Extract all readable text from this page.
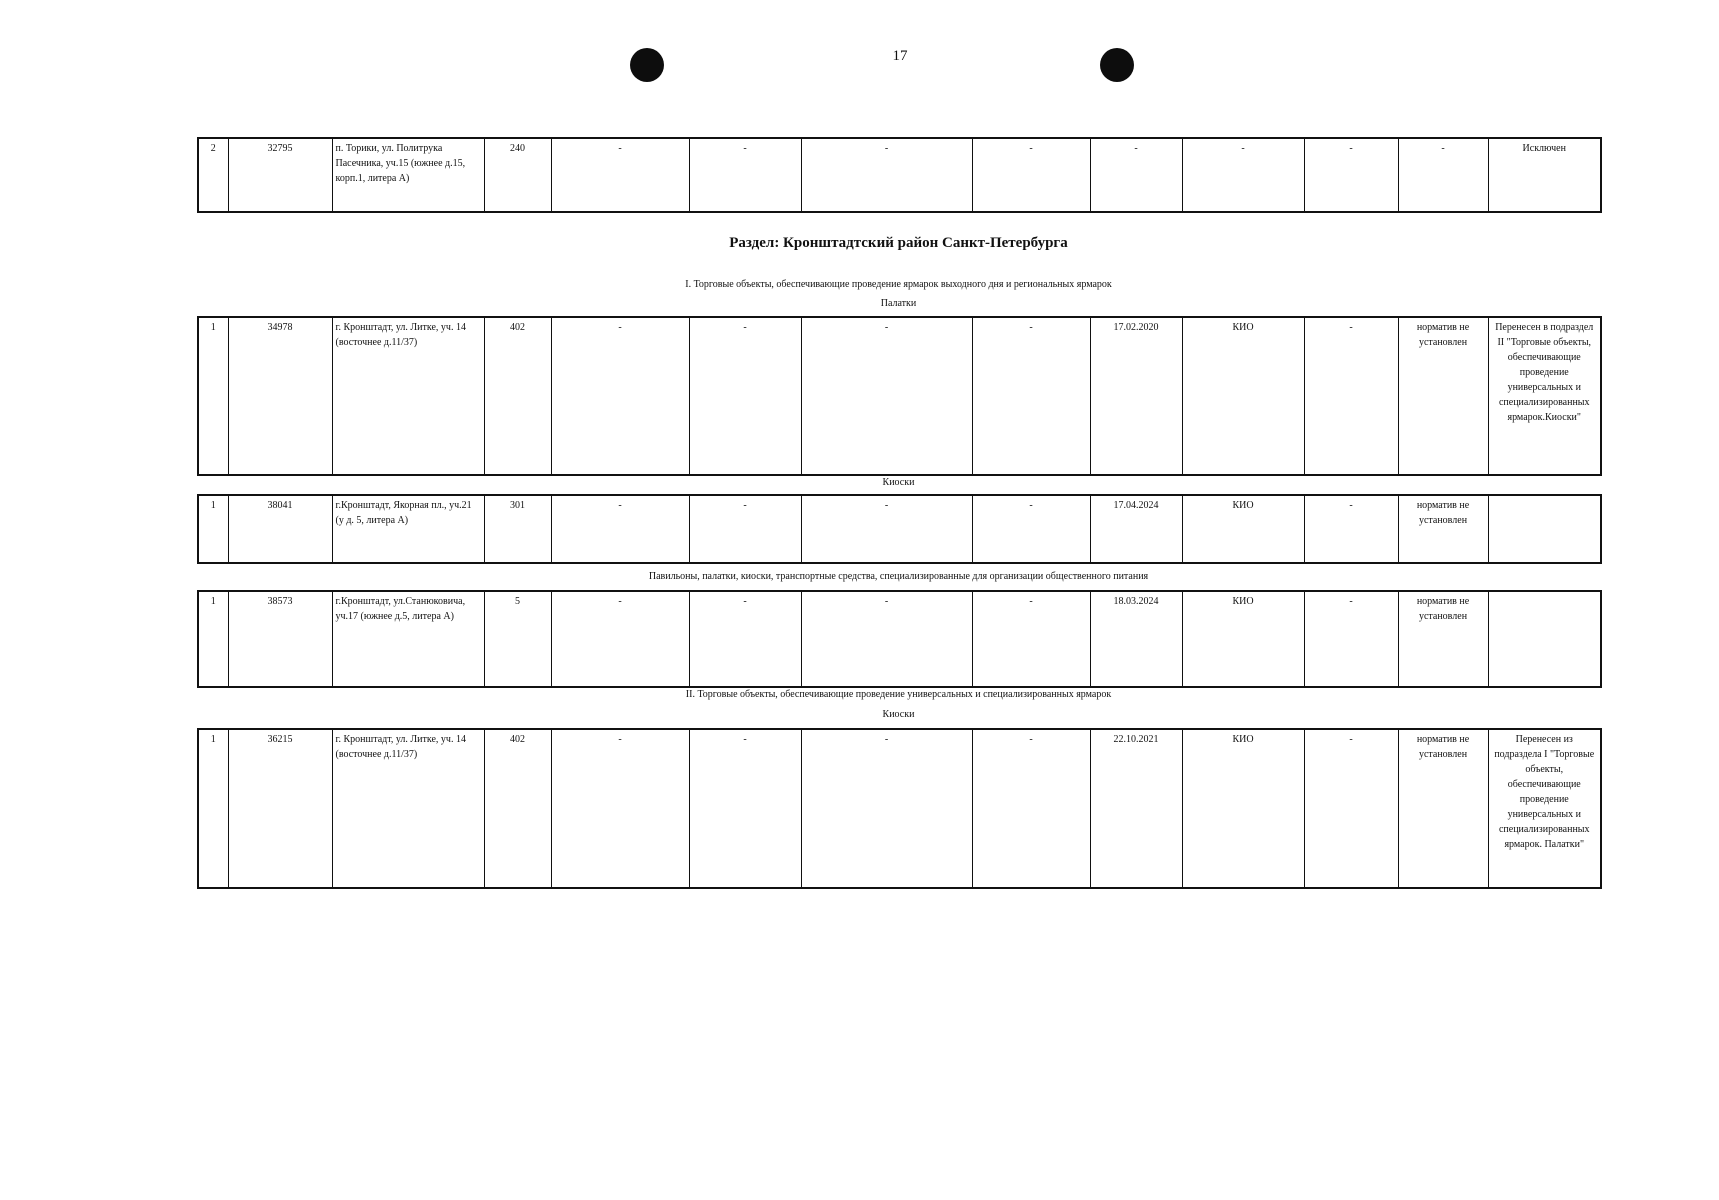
17
2	32795	п. Торики, ул. Политрука Пасечника, уч.15 (южнее д.15, корп.1, литера А)	240	-	-	-	-	-	-	-	-	Исключен
Раздел: Кронштадтский район Санкт-Петербурга
I. Торговые объекты, обеспечивающие проведение ярмарок выходного дня и региональных ярмарок
Палатки
1	34978	г. Кронштадт, ул. Литке, уч. 14 (восточнее д.11/37)	402	-	-	-	-	17.02.2020	КИО	-	норматив не установлен	Перенесен в подраздел II "Торговые объекты, обеспечивающие проведение универсальных и специализированных ярмарок.Киоски"
Киоски
1	38041	г.Кронштадт, Якорная пл., уч.21 (у д. 5, литера А)	301	-	-	-	-	17.04.2024	КИО	-	норматив не установлен	
Павильоны, палатки, киоски, транспортные средства, специализированные для организации общественного питания
1	38573	г.Кронштадт, ул.Станюковича, уч.17 (южнее д.5, литера А)	5	-	-	-	-	18.03.2024	КИО	-	норматив не установлен	
II. Торговые объекты, обеспечивающие проведение универсальных и специализированных ярмарок
Киоски
1	36215	г. Кронштадт, ул. Литке, уч. 14 (восточнее д.11/37)	402	-	-	-	-	22.10.2021	КИО	-	норматив не установлен	Перенесен из подраздела I "Торговые объекты, обеспечивающие проведение универсальных и специализированных ярмарок. Палатки"
